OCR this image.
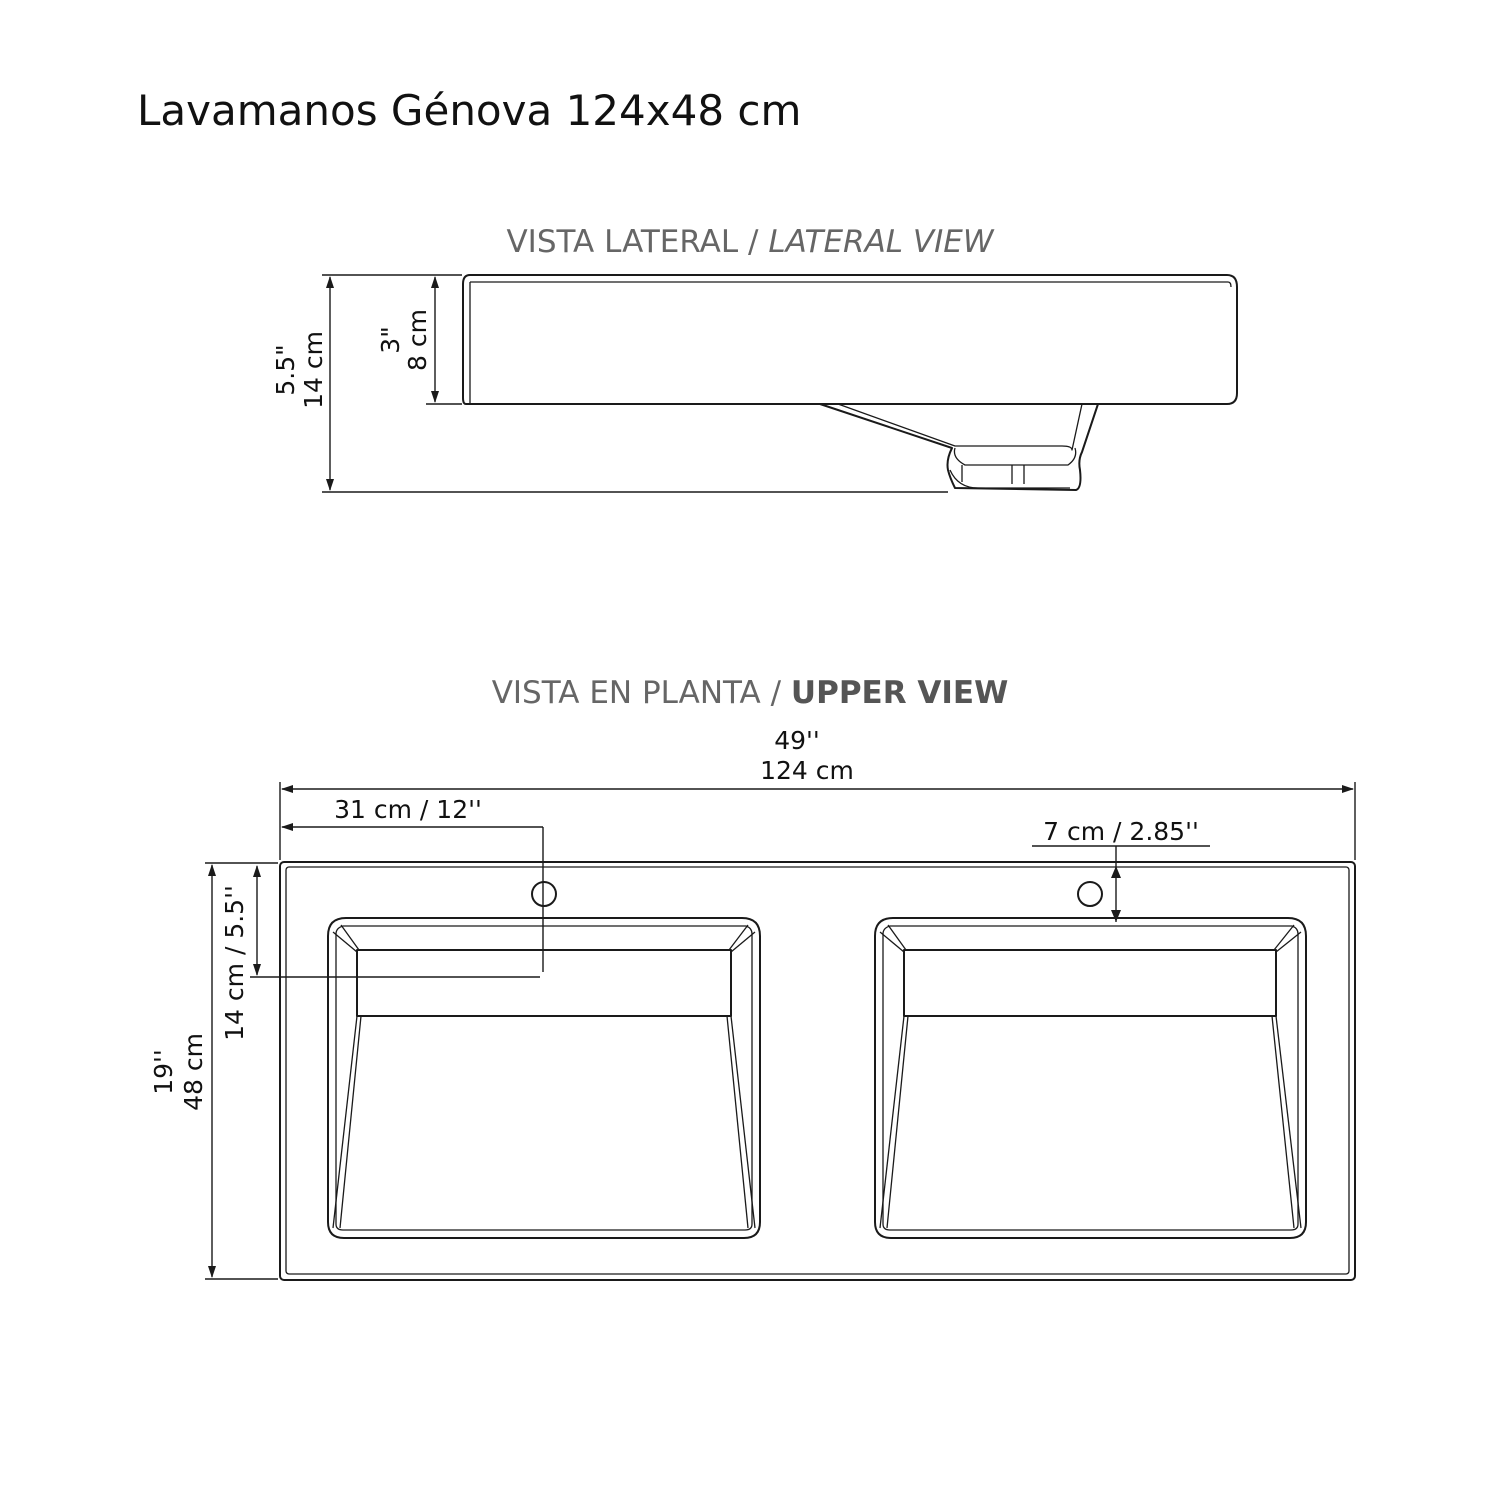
Lavamanos Génova 124x48 cm
VISTA LATERAL / LATERAL VIEW
5.5" 14 cm 3"
8 cm
VISTA EN PLANTA / UPPER VIEW
49''
124 cm
31 cm / 12''
7 cm / 2.85''
14 cm / 5.5''
19'' 48 cm
